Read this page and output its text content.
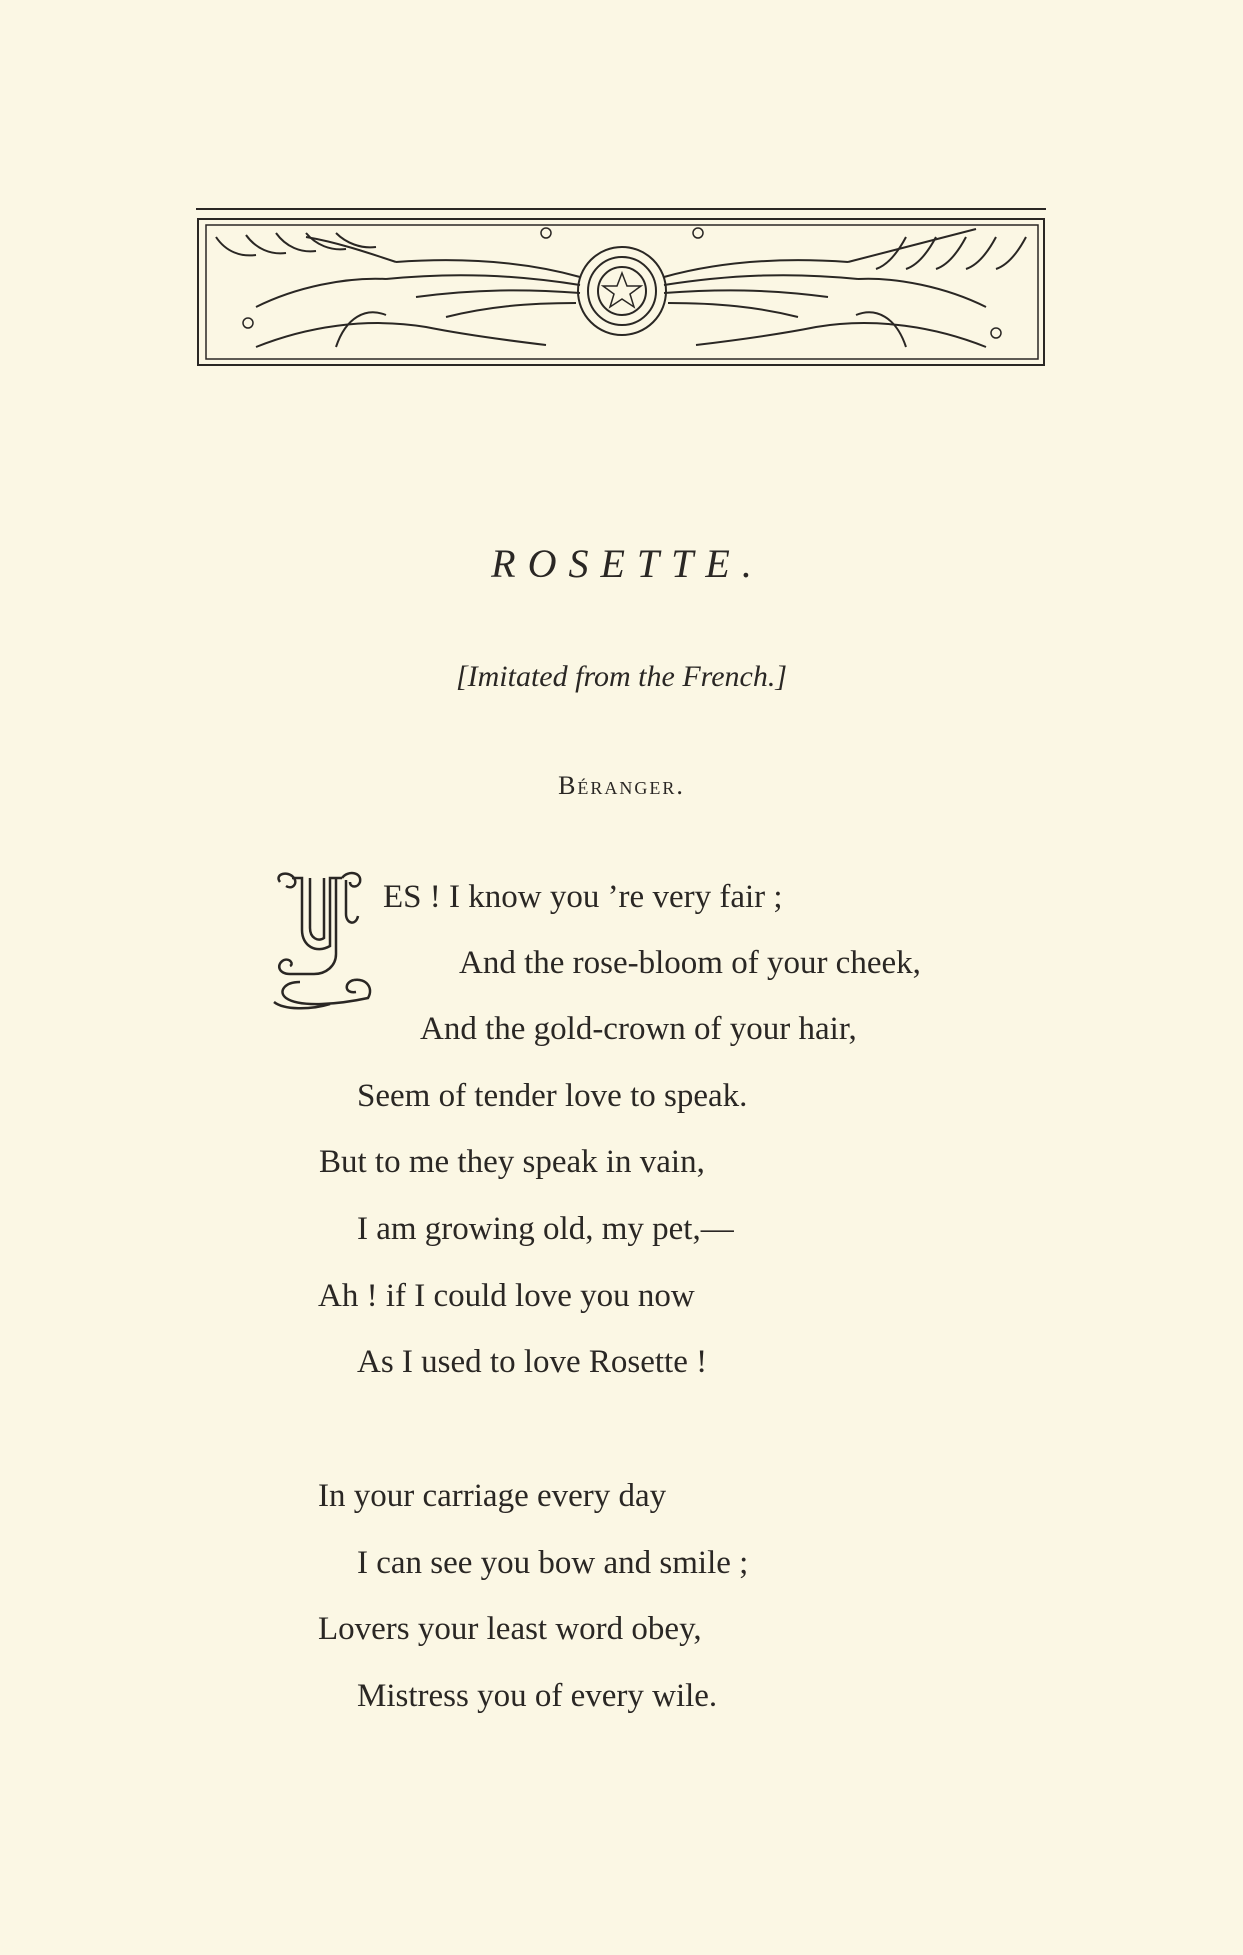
ROSETTE.
[Imitated from the French.]
Béranger.
ES ! I know you ’re very fair ;
And the rose-bloom of your cheek,
And the gold-crown of your hair,
Seem of tender love to speak.
But to me they speak in vain,
I am growing old, my pet,—
Ah ! if I could love you now
As I used to love Rosette !
In your carriage every day
I can see you bow and smile ;
Lovers your least word obey,
Mistress you of every wile.
